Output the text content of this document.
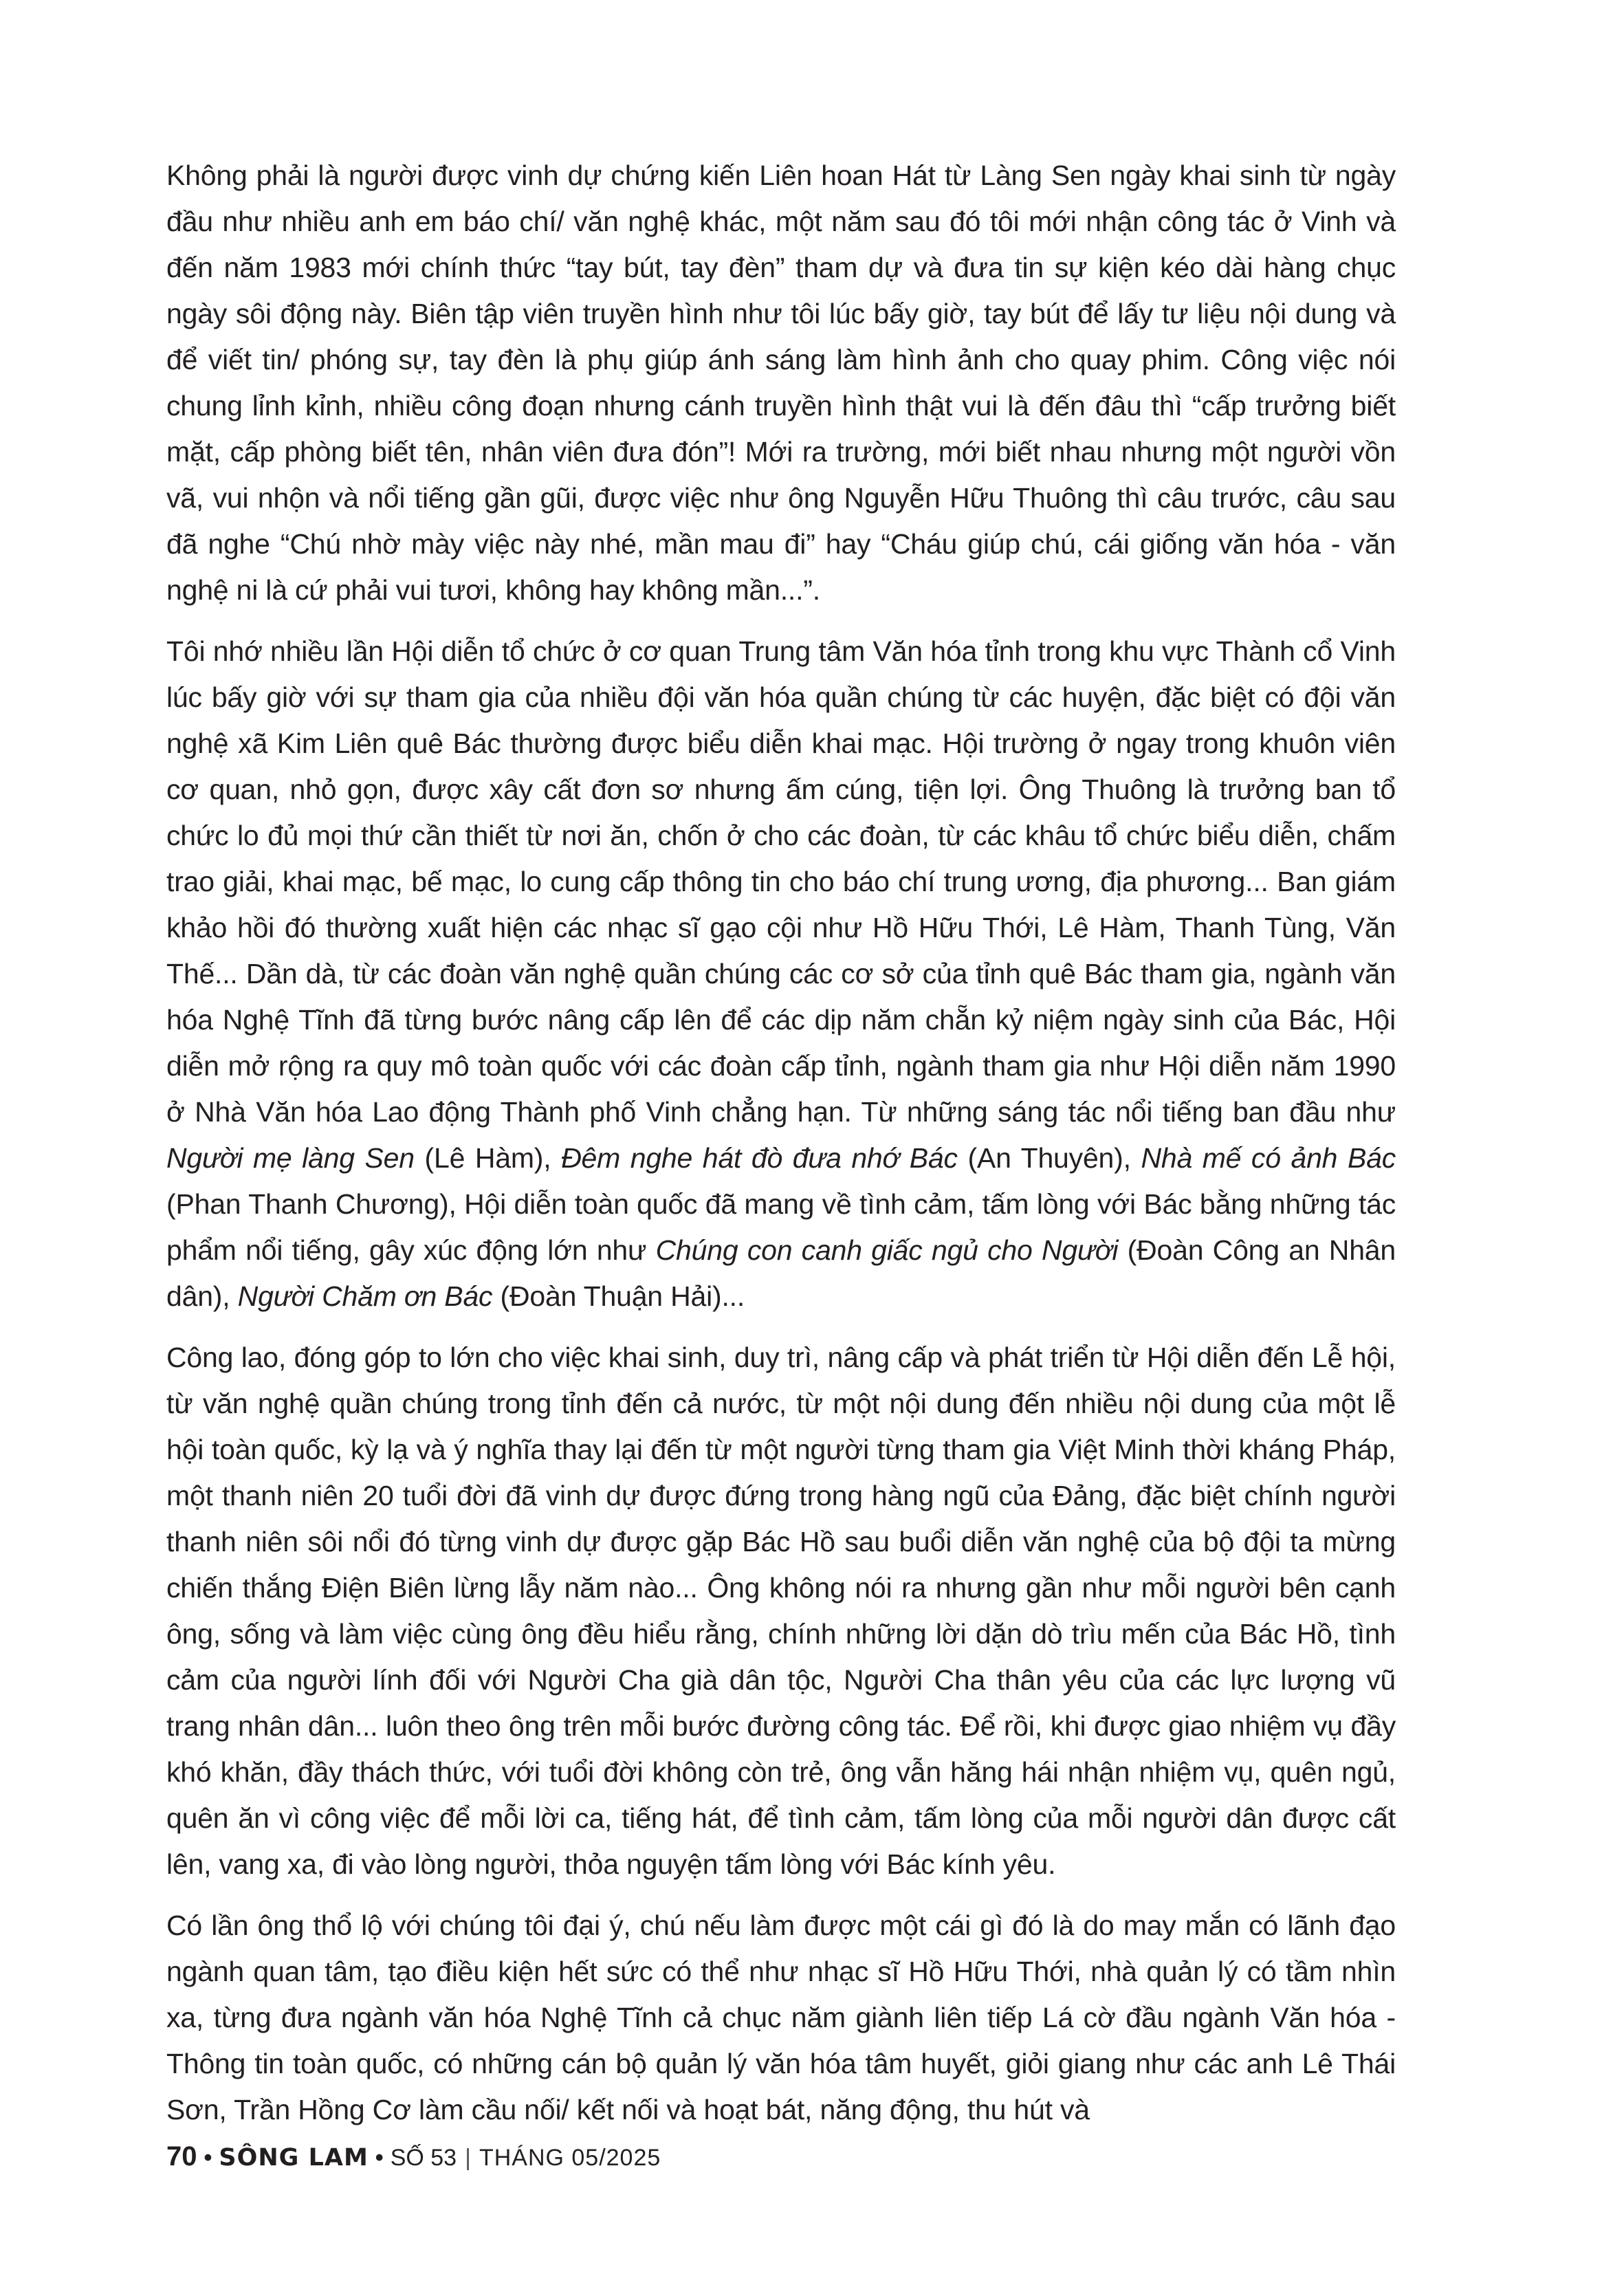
Không phải là người được vinh dự chứng kiến Liên hoan Hát từ Làng Sen ngày khai sinh từ ngày đầu như nhiều anh em báo chí/ văn nghệ khác, một năm sau đó tôi mới nhận công tác ở Vinh và đến năm 1983 mới chính thức “tay bút, tay đèn” tham dự và đưa tin sự kiện kéo dài hàng chục ngày sôi động này. Biên tập viên truyền hình như tôi lúc bấy giờ, tay bút để lấy tư liệu nội dung và để viết tin/ phóng sự, tay đèn là phụ giúp ánh sáng làm hình ảnh cho quay phim. Công việc nói chung lỉnh kỉnh, nhiều công đoạn nhưng cánh truyền hình thật vui là đến đâu thì “cấp trưởng biết mặt, cấp phòng biết tên, nhân viên đưa đón”! Mới ra trường, mới biết nhau nhưng một người vồn vã, vui nhộn và nổi tiếng gần gũi, được việc như ông Nguyễn Hữu Thuông thì câu trước, câu sau đã nghe “Chú nhờ mày việc này nhé, mần mau đi” hay “Cháu giúp chú, cái giống văn hóa - văn nghệ ni là cứ phải vui tươi, không hay không mần...”.

Tôi nhớ nhiều lần Hội diễn tổ chức ở cơ quan Trung tâm Văn hóa tỉnh trong khu vực Thành cổ Vinh lúc bấy giờ với sự tham gia của nhiều đội văn hóa quần chúng từ các huyện, đặc biệt có đội văn nghệ xã Kim Liên quê Bác thường được biểu diễn khai mạc. Hội trường ở ngay trong khuôn viên cơ quan, nhỏ gọn, được xây cất đơn sơ nhưng ấm cúng, tiện lợi. Ông Thuông là trưởng ban tổ chức lo đủ mọi thứ cần thiết từ nơi ăn, chốn ở cho các đoàn, từ các khâu tổ chức biểu diễn, chấm trao giải, khai mạc, bế mạc, lo cung cấp thông tin cho báo chí trung ương, địa phương... Ban giám khảo hồi đó thường xuất hiện các nhạc sĩ gạo cội như Hồ Hữu Thới, Lê Hàm, Thanh Tùng, Văn Thế... Dần dà, từ các đoàn văn nghệ quần chúng các cơ sở của tỉnh quê Bác tham gia, ngành văn hóa Nghệ Tĩnh đã từng bước nâng cấp lên để các dịp năm chẵn kỷ niệm ngày sinh của Bác, Hội diễn mở rộng ra quy mô toàn quốc với các đoàn cấp tỉnh, ngành tham gia như Hội diễn năm 1990 ở Nhà Văn hóa Lao động Thành phố Vinh chẳng hạn. Từ những sáng tác nổi tiếng ban đầu như Người mẹ làng Sen (Lê Hàm), Đêm nghe hát đò đưa nhớ Bác (An Thuyên), Nhà mế có ảnh Bác (Phan Thanh Chương), Hội diễn toàn quốc đã mang về tình cảm, tấm lòng với Bác bằng những tác phẩm nổi tiếng, gây xúc động lớn như Chúng con canh giấc ngủ cho Người (Đoàn Công an Nhân dân), Người Chăm ơn Bác (Đoàn Thuận Hải)...

Công lao, đóng góp to lớn cho việc khai sinh, duy trì, nâng cấp và phát triển từ Hội diễn đến Lễ hội, từ văn nghệ quần chúng trong tỉnh đến cả nước, từ một nội dung đến nhiều nội dung của một lễ hội toàn quốc, kỳ lạ và ý nghĩa thay lại đến từ một người từng tham gia Việt Minh thời kháng Pháp, một thanh niên 20 tuổi đời đã vinh dự được đứng trong hàng ngũ của Đảng, đặc biệt chính người thanh niên sôi nổi đó từng vinh dự được gặp Bác Hồ sau buổi diễn văn nghệ của bộ đội ta mừng chiến thắng Điện Biên lừng lẫy năm nào... Ông không nói ra nhưng gần như mỗi người bên cạnh ông, sống và làm việc cùng ông đều hiểu rằng, chính những lời dặn dò trìu mến của Bác Hồ, tình cảm của người lính đối với Người Cha già dân tộc, Người Cha thân yêu của các lực lượng vũ trang nhân dân... luôn theo ông trên mỗi bước đường công tác. Để rồi, khi được giao nhiệm vụ đầy khó khăn, đầy thách thức, với tuổi đời không còn trẻ, ông vẫn hăng hái nhận nhiệm vụ, quên ngủ, quên ăn vì công việc để mỗi lời ca, tiếng hát, để tình cảm, tấm lòng của mỗi người dân được cất lên, vang xa, đi vào lòng người, thỏa nguyện tấm lòng với Bác kính yêu.

Có lần ông thổ lộ với chúng tôi đại ý, chú nếu làm được một cái gì đó là do may mắn có lãnh đạo ngành quan tâm, tạo điều kiện hết sức có thể như nhạc sĩ Hồ Hữu Thới, nhà quản lý có tầm nhìn xa, từng đưa ngành văn hóa Nghệ Tĩnh cả chục năm giành liên tiếp Lá cờ đầu ngành Văn hóa - Thông tin toàn quốc, có những cán bộ quản lý văn hóa tâm huyết, giỏi giang như các anh Lê Thái Sơn, Trần Hồng Cơ làm cầu nối/ kết nối và hoạt bát, năng động, thu hút và

70 • SÔNG LAM • SỐ 53 | THÁNG 05/2025
